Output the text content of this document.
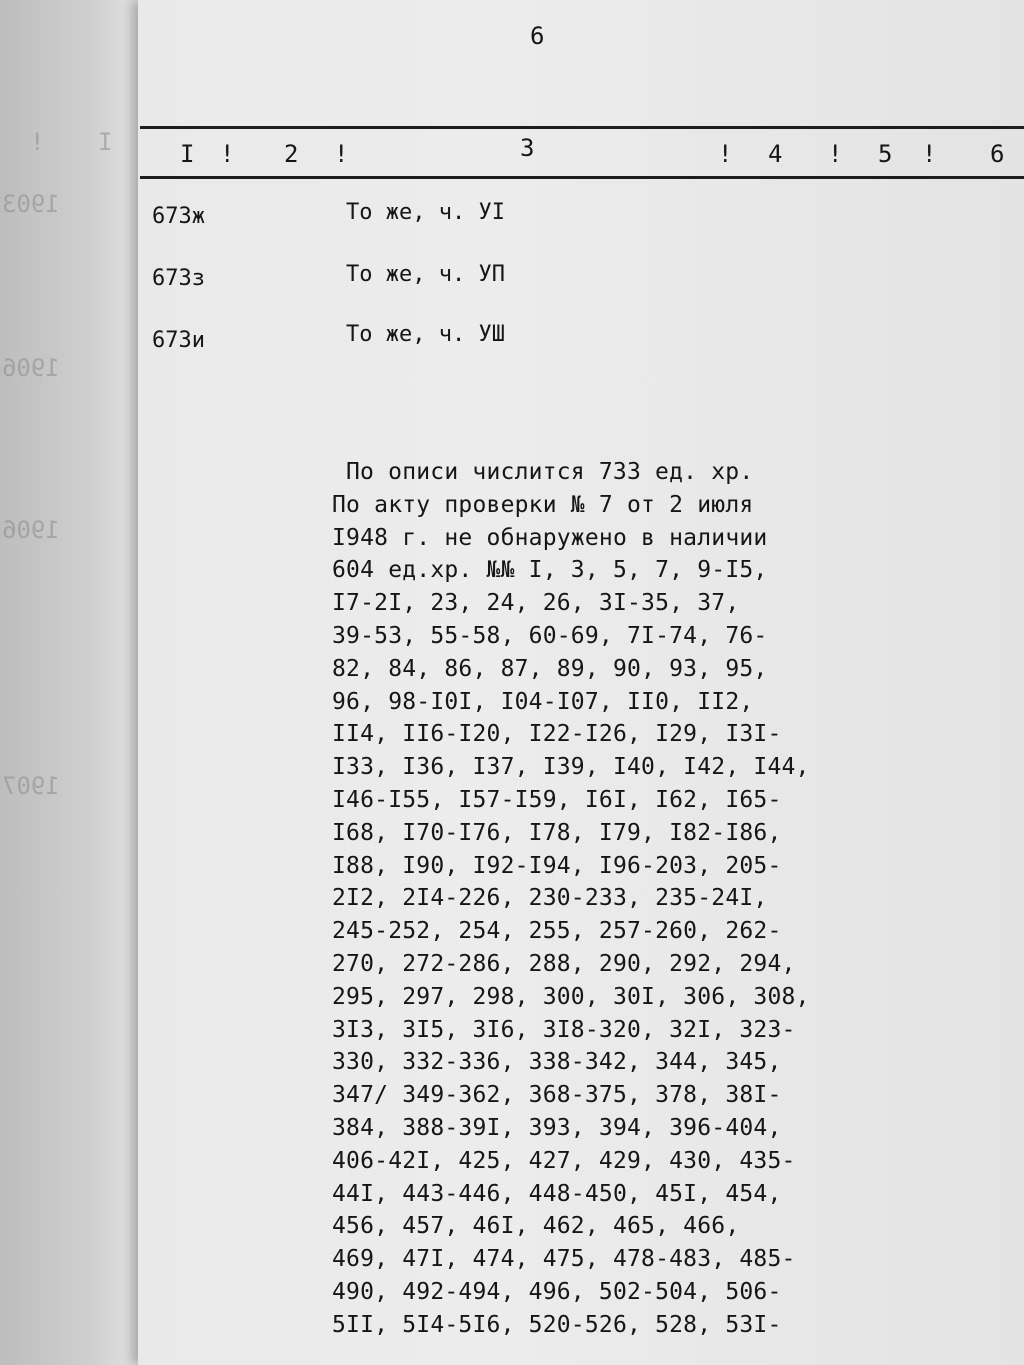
I
!
1903
1906
1906
1907
6
I ! 2 !	3	! 4 ! 5 ! 6
673ж	То же, ч. УI
673з	То же, ч. УП
673и	То же, ч. УШ
По описи числится 733 ед. хр.
По акту проверки № 7 от 2 июля
I948 г. не обнаружено в наличии
604 ед.хр. №№ I, 3, 5, 7, 9-I5,
I7-2I, 23, 24, 26, 3I-35, 37,
39-53, 55-58, 60-69, 7I-74, 76-
82, 84, 86, 87, 89, 90, 93, 95,
96, 98-I0I, I04-I07, II0, II2,
II4, II6-I20, I22-I26, I29, I3I-
I33, I36, I37, I39, I40, I42, I44,
I46-I55, I57-I59, I6I, I62, I65-
I68, I70-I76, I78, I79, I82-I86,
I88, I90, I92-I94, I96-203, 205-
2I2, 2I4-226, 230-233, 235-24I,
245-252, 254, 255, 257-260, 262-
270, 272-286, 288, 290, 292, 294,
295, 297, 298, 300, 30I, 306, 308,
3I3, 3I5, 3I6, 3I8-320, 32I, 323-
330, 332-336, 338-342, 344, 345,
347/ 349-362, 368-375, 378, 38I-
384, 388-39I, 393, 394, 396-404,
406-42I, 425, 427, 429, 430, 435-
44I, 443-446, 448-450, 45I, 454,
456, 457, 46I, 462, 465, 466,
469, 47I, 474, 475, 478-483, 485-
490, 492-494, 496, 502-504, 506-
5II, 5I4-5I6, 520-526, 528, 53I-
